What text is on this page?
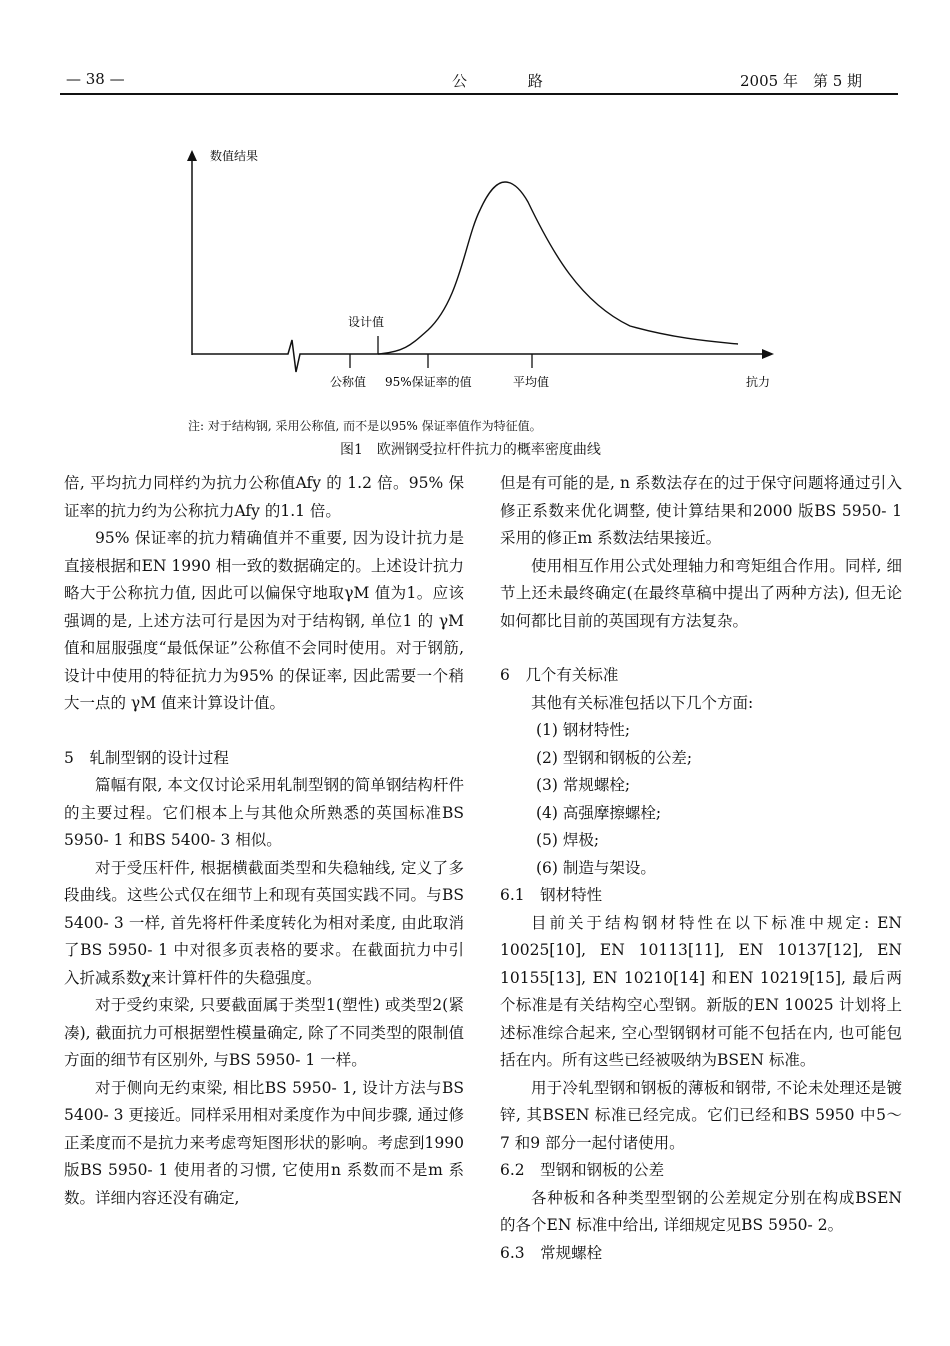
— 38 —	公 路	2005 年　第 5 期
数值结果
设计值
公称值 95%保证率的值	平均值	抗力
注: 对于结构钢, 采用公称值, 而不是以95% 保证率值作为特征值。
图1　欧洲钢受拉杆件抗力的概率密度曲线

倍, 平均抗力同样约为抗力公称值Afy 的 1.2 倍。95% 保证率的抗力约为公称抗力Afy 的1.1 倍。

95% 保证率的抗力精确值并不重要, 因为设计抗力是直接根据和EN 1990 相一致的数据确定的。上述设计抗力略大于公称抗力值, 因此可以偏保守地取γM 值为1。应该强调的是, 上述方法可行是因为对于结构钢, 单位1 的 γM 值和屈服强度“最低保证”公称值不会同时使用。对于钢筋, 设计中使用的特征抗力为95% 的保证率, 因此需要一个稍大一点的 γM 值来计算设计值。

5　轧制型钢的设计过程

篇幅有限, 本文仅讨论采用轧制型钢的简单钢结构杆件的主要过程。它们根本上与其他众所熟悉的英国标准BS 5950- 1 和BS 5400- 3 相似。

对于受压杆件, 根据横截面类型和失稳轴线, 定义了多段曲线。这些公式仅在细节上和现有英国实践不同。与BS 5400- 3 一样, 首先将杆件柔度转化为相对柔度, 由此取消了BS 5950- 1 中对很多页表格的要求。在截面抗力中引入折减系数χ来计算杆件的失稳强度。

对于受约束梁, 只要截面属于类型1(塑性) 或类型2(紧凑), 截面抗力可根据塑性模量确定, 除了不同类型的限制值方面的细节有区别外, 与BS 5950- 1 一样。

对于侧向无约束梁, 相比BS 5950- 1, 设计方法与BS 5400- 3 更接近。同样采用相对柔度作为中间步骤, 通过修正柔度而不是抗力来考虑弯矩图形状的影响。考虑到1990 版BS 5950- 1 使用者的习惯, 它使用n 系数而不是m 系数。详细内容还没有确定,

但是有可能的是, n 系数法存在的过于保守问题将通过引入修正系数来优化调整, 使计算结果和2000 版BS 5950- 1 采用的修正m 系数法结果接近。

使用相互作用公式处理轴力和弯矩组合作用。同样, 细节上还未最终确定(在最终草稿中提出了两种方法), 但无论如何都比目前的英国现有方法复杂。

6　几个有关标准

其他有关标准包括以下几个方面:

(1) 钢材特性;

(2) 型钢和钢板的公差;

(3) 常规螺栓;

(4) 高强摩擦螺栓;

(5) 焊极;

(6) 制造与架设。

6.1　钢材特性

目前关于结构钢材特性在以下标准中规定: EN 10025[10], EN 10113[11], EN 10137[12], EN 10155[13], EN 10210[14] 和EN 10219[15], 最后两个标准是有关结构空心型钢。新版的EN 10025 计划将上述标准综合起来, 空心型钢钢材可能不包括在内, 也可能包括在内。所有这些已经被吸纳为BSEN 标准。

用于冷轧型钢和钢板的薄板和钢带, 不论未处理还是镀锌, 其BSEN 标准已经完成。它们已经和BS 5950 中5～ 7 和9 部分一起付诸使用。

6.2　型钢和钢板的公差

各种板和各种类型型钢的公差规定分别在构成BSEN 的各个EN 标准中给出, 详细规定见BS 5950- 2。

6.3　常规螺栓
